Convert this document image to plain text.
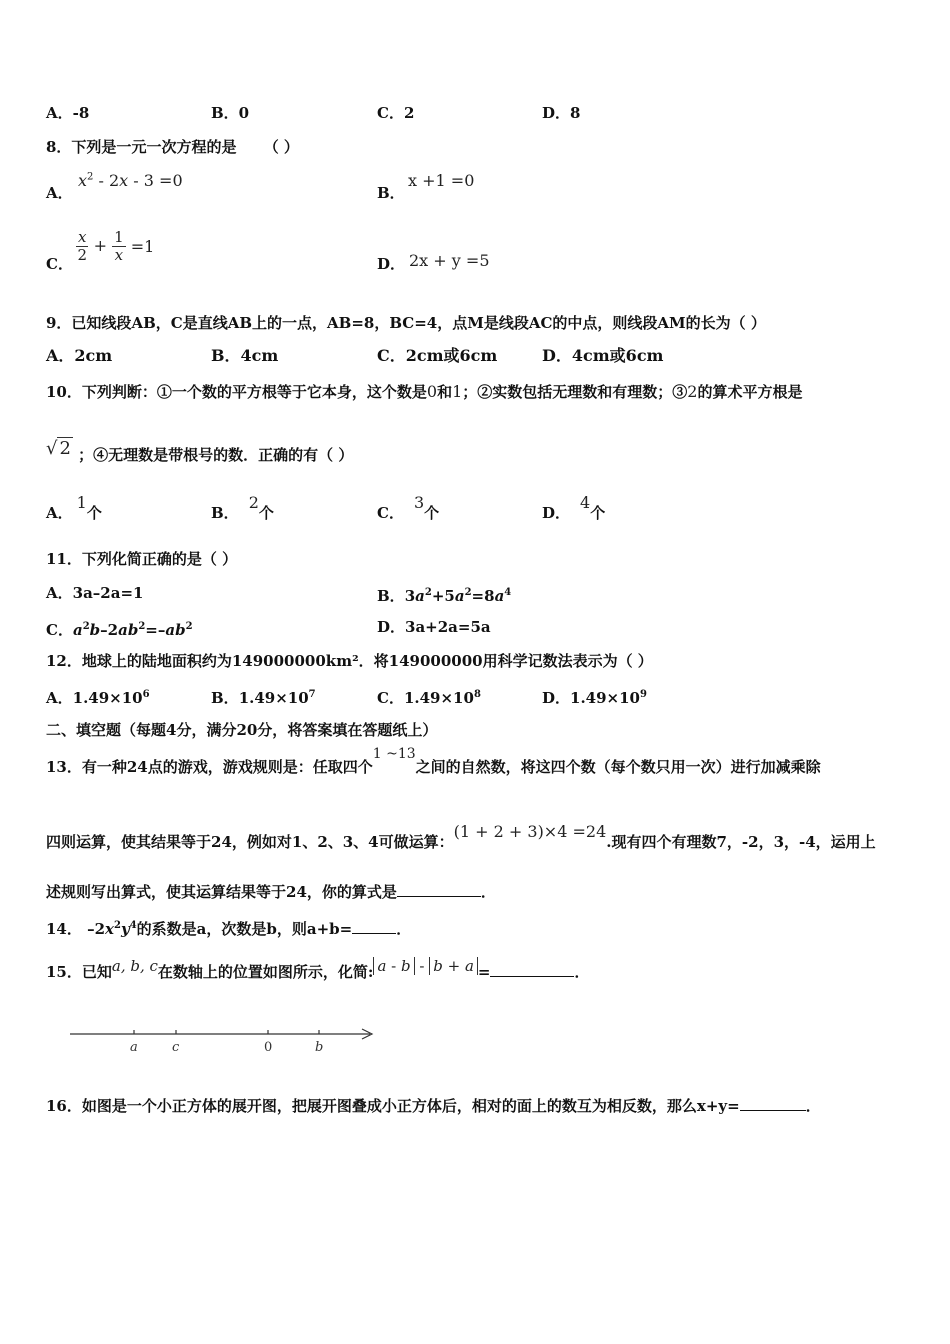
A．-8	B．0	C．2	D．8
8．下列是一元一次方程的是 （ ）
A．
$x^2 - 2x - 3 =0$
B．
x +1 =0
C． $\frac{x}{2} + \frac{1}{x} =1$
D． 2x + y =5
9．已知线段AB，C是直线AB上的一点，AB=8，BC=4，点M是线段AC的中点，则线段AM的长为（ ）
A．2cm	B．4cm	C．2cm或6cm	D．4cm或6cm
10．下列判断：①一个数的平方根等于它本身，这个数是0和1；②实数包括无理数和有理数；③2的算术平方根是
√ 2 ；④无理数是带根号的数．正确的有（ ）
A．1个	B．2个	C．3个	D．4个
11．下列化简正确的是（ ）
A．3a–2a=1	B．$3a^2+5a^2=8a^4$
C．$a^2b-2ab^2=-ab^2$	D．3a+2a=5a
12．地球上的陆地面积约为149000000km²．将149000000用科学记数法表示为（ ）
A．$1.49\times 10^6$	B．$1.49\times 10^7$	C．$1.49\times 10^8$	D．$1.49\times 10^9$
二、填空题（每题4分，满分20分，将答案填在答题纸上）
13．有一种24点的游戏，游戏规则是：任取四个1 ~13之间的自然数，将这四个数（每个数只用一次）进行加减乘除
四则运算，使其结果等于24，例如对1、2、3、4可做运算：(1 + 2 + 3)×4 =24.现有四个有理数7，-2，3，-4，运用上
述规则写出算式，使其运算结果等于24，你的算式是	．
14． $-2x^2y^4$的系数是a，次数是b，则a+b=	．
15．已知a, b, c在数轴上的位置如图所示，化简: a - b - b + a =	．
a	c	0	b
16．如图是一个小正方体的展开图，把展开图叠成小正方体后，相对的面上的数互为相反数，那么x+y=	．
